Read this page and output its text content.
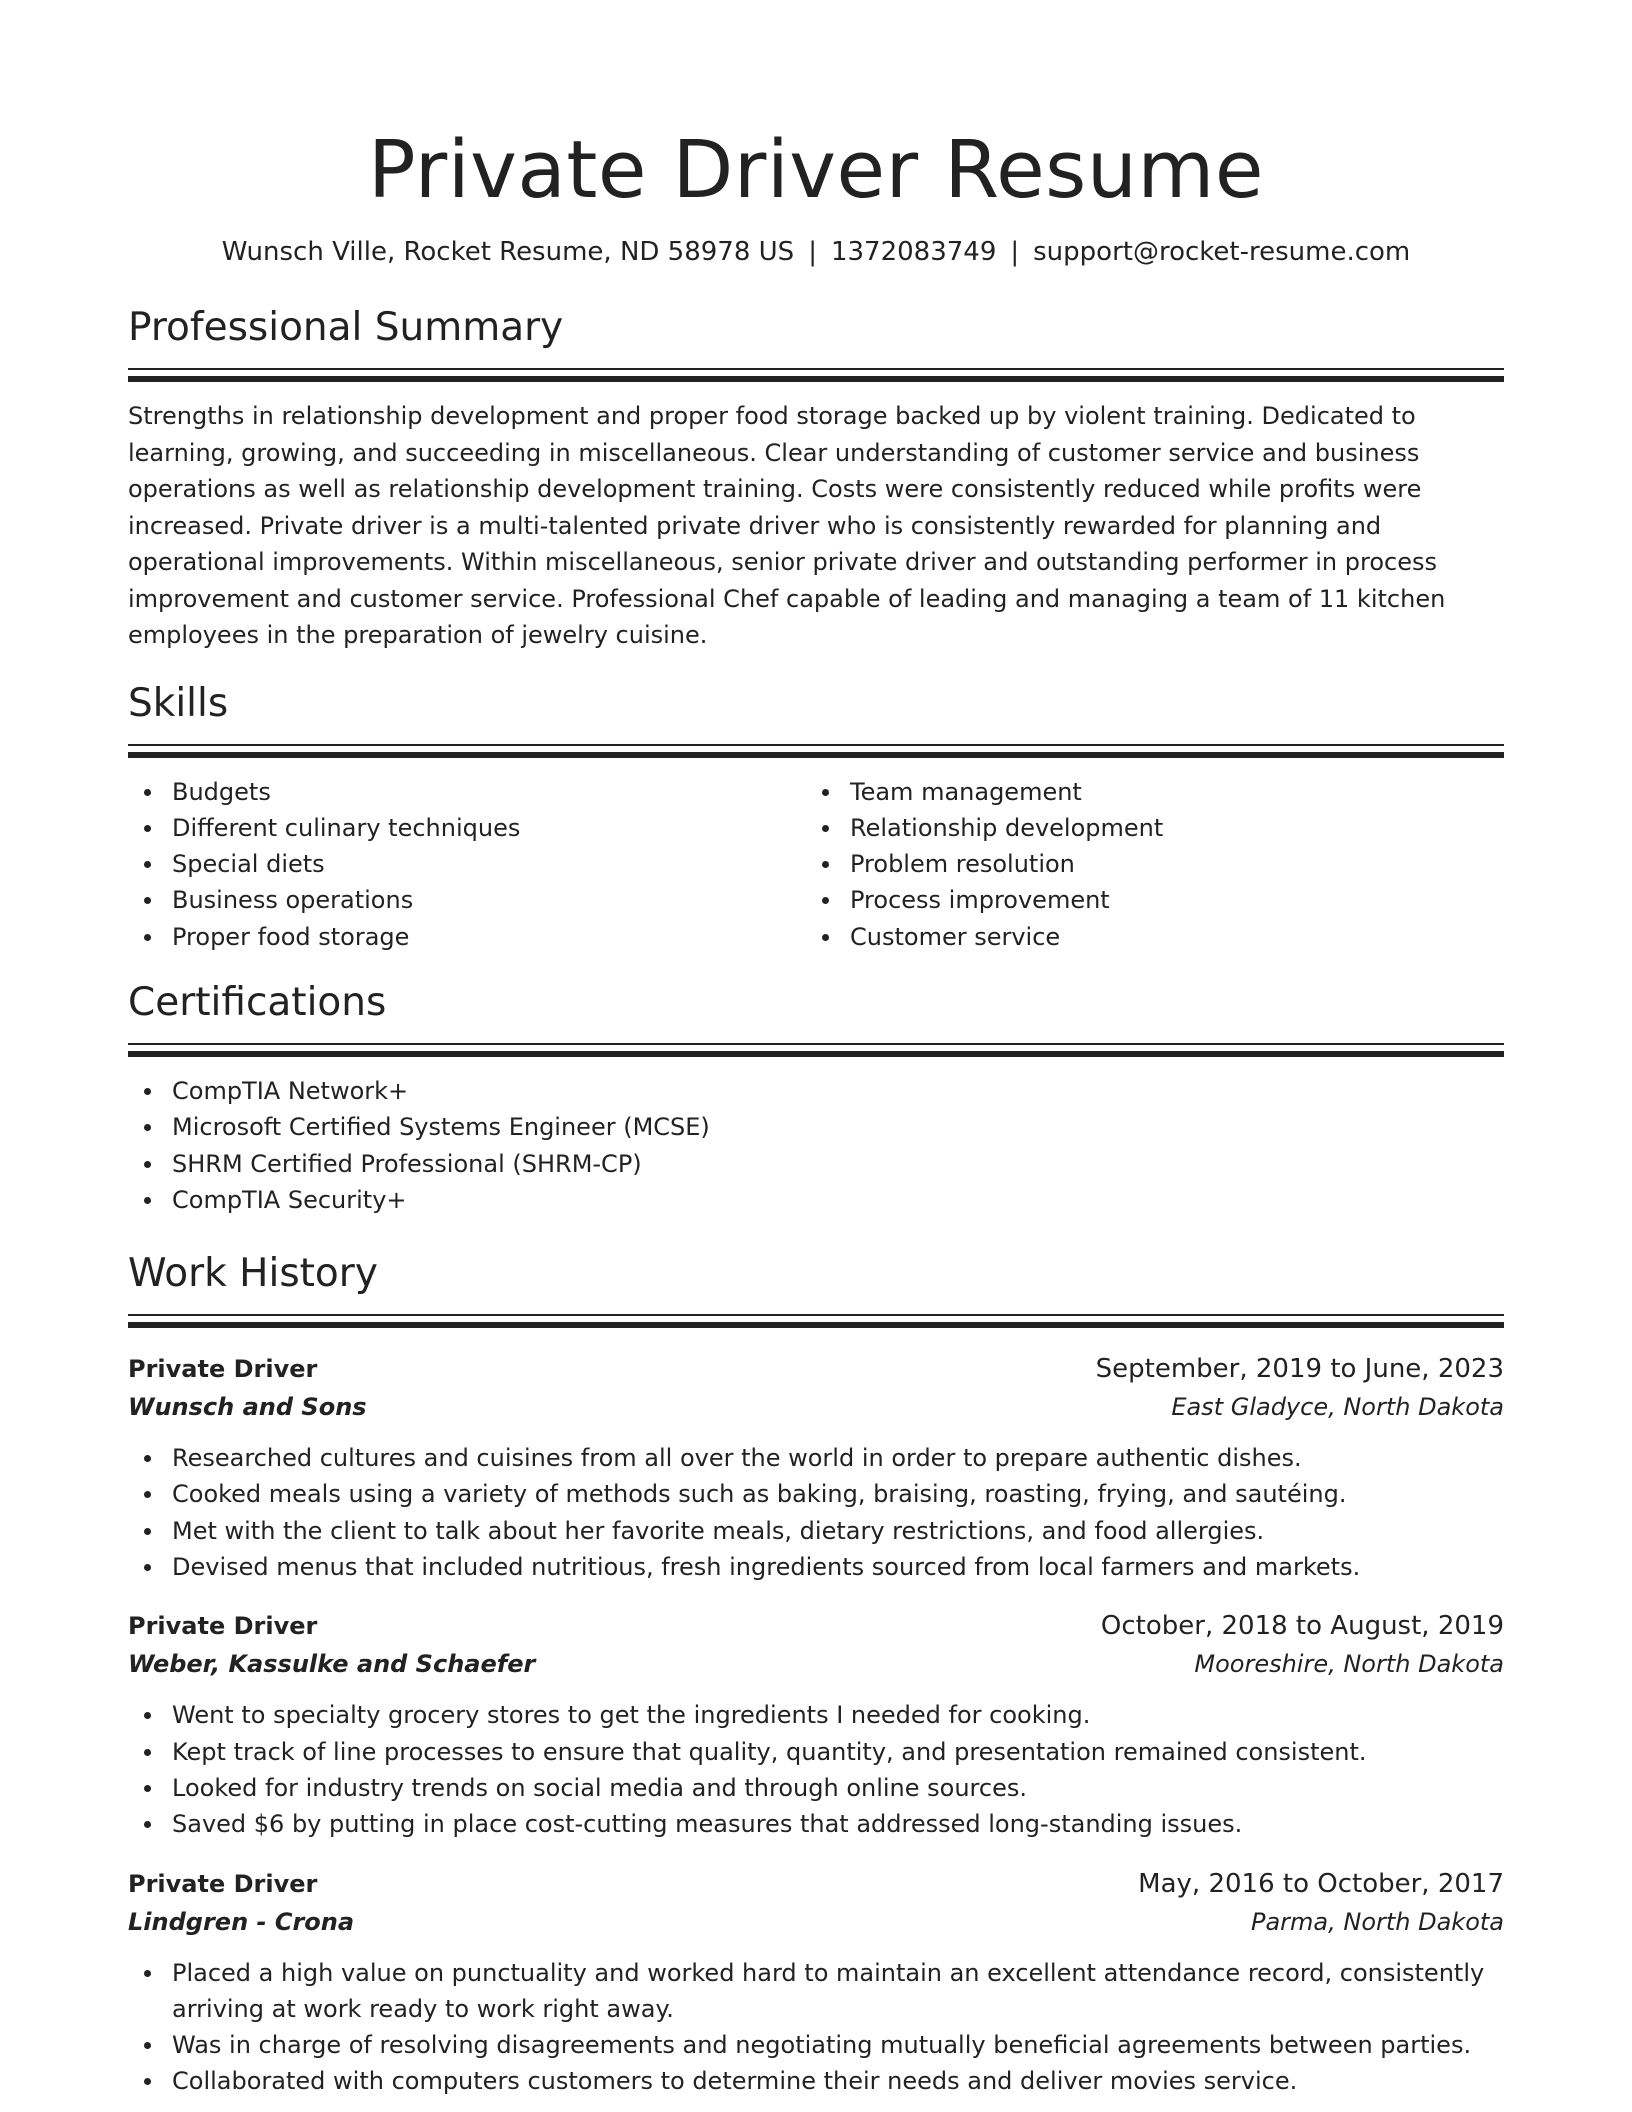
Private Driver Resume
Wunsch Ville, Rocket Resume, ND 58978 US | 1372083749 | support@rocket-resume.com
Professional Summary

Strengths in relationship development and proper food storage backed up by violent training. Dedicated to learning, growing, and succeeding in miscellaneous. Clear understanding of customer service and business operations as well as relationship development training. Costs were consistently reduced while profits were increased. Private driver is a multi-talented private driver who is consistently rewarded for planning and operational improvements. Within miscellaneous, senior private driver and outstanding performer in process improvement and customer service. Professional Chef capable of leading and managing a team of 11 kitchen employees in the preparation of jewelry cuisine.

Skills
Budgets
Different culinary techniques
Special diets
Business operations
Proper food storage
Team management
Relationship development
Problem resolution
Process improvement
Customer service
Certifications
CompTIA Network+
Microsoft Certified Systems Engineer (MCSE)
SHRM Certified Professional (SHRM-CP)
CompTIA Security+
Work History
Private Driver	September, 2019 to June, 2023
Wunsch and Sons	East Gladyce, North Dakota
Researched cultures and cuisines from all over the world in order to prepare authentic dishes.
Cooked meals using a variety of methods such as baking, braising, roasting, frying, and sautéing.
Met with the client to talk about her favorite meals, dietary restrictions, and food allergies.
Devised menus that included nutritious, fresh ingredients sourced from local farmers and markets.
Private Driver	October, 2018 to August, 2019
Weber, Kassulke and Schaefer	Mooreshire, North Dakota
Went to specialty grocery stores to get the ingredients I needed for cooking.
Kept track of line processes to ensure that quality, quantity, and presentation remained consistent.
Looked for industry trends on social media and through online sources.
Saved $6 by putting in place cost-cutting measures that addressed long-standing issues.
Private Driver	May, 2016 to October, 2017
Lindgren - Crona	Parma, North Dakota
Placed a high value on punctuality and worked hard to maintain an excellent attendance record, consistently arriving at work ready to work right away.
Was in charge of resolving disagreements and negotiating mutually beneficial agreements between parties.
Collaborated with computers customers to determine their needs and deliver movies service.
